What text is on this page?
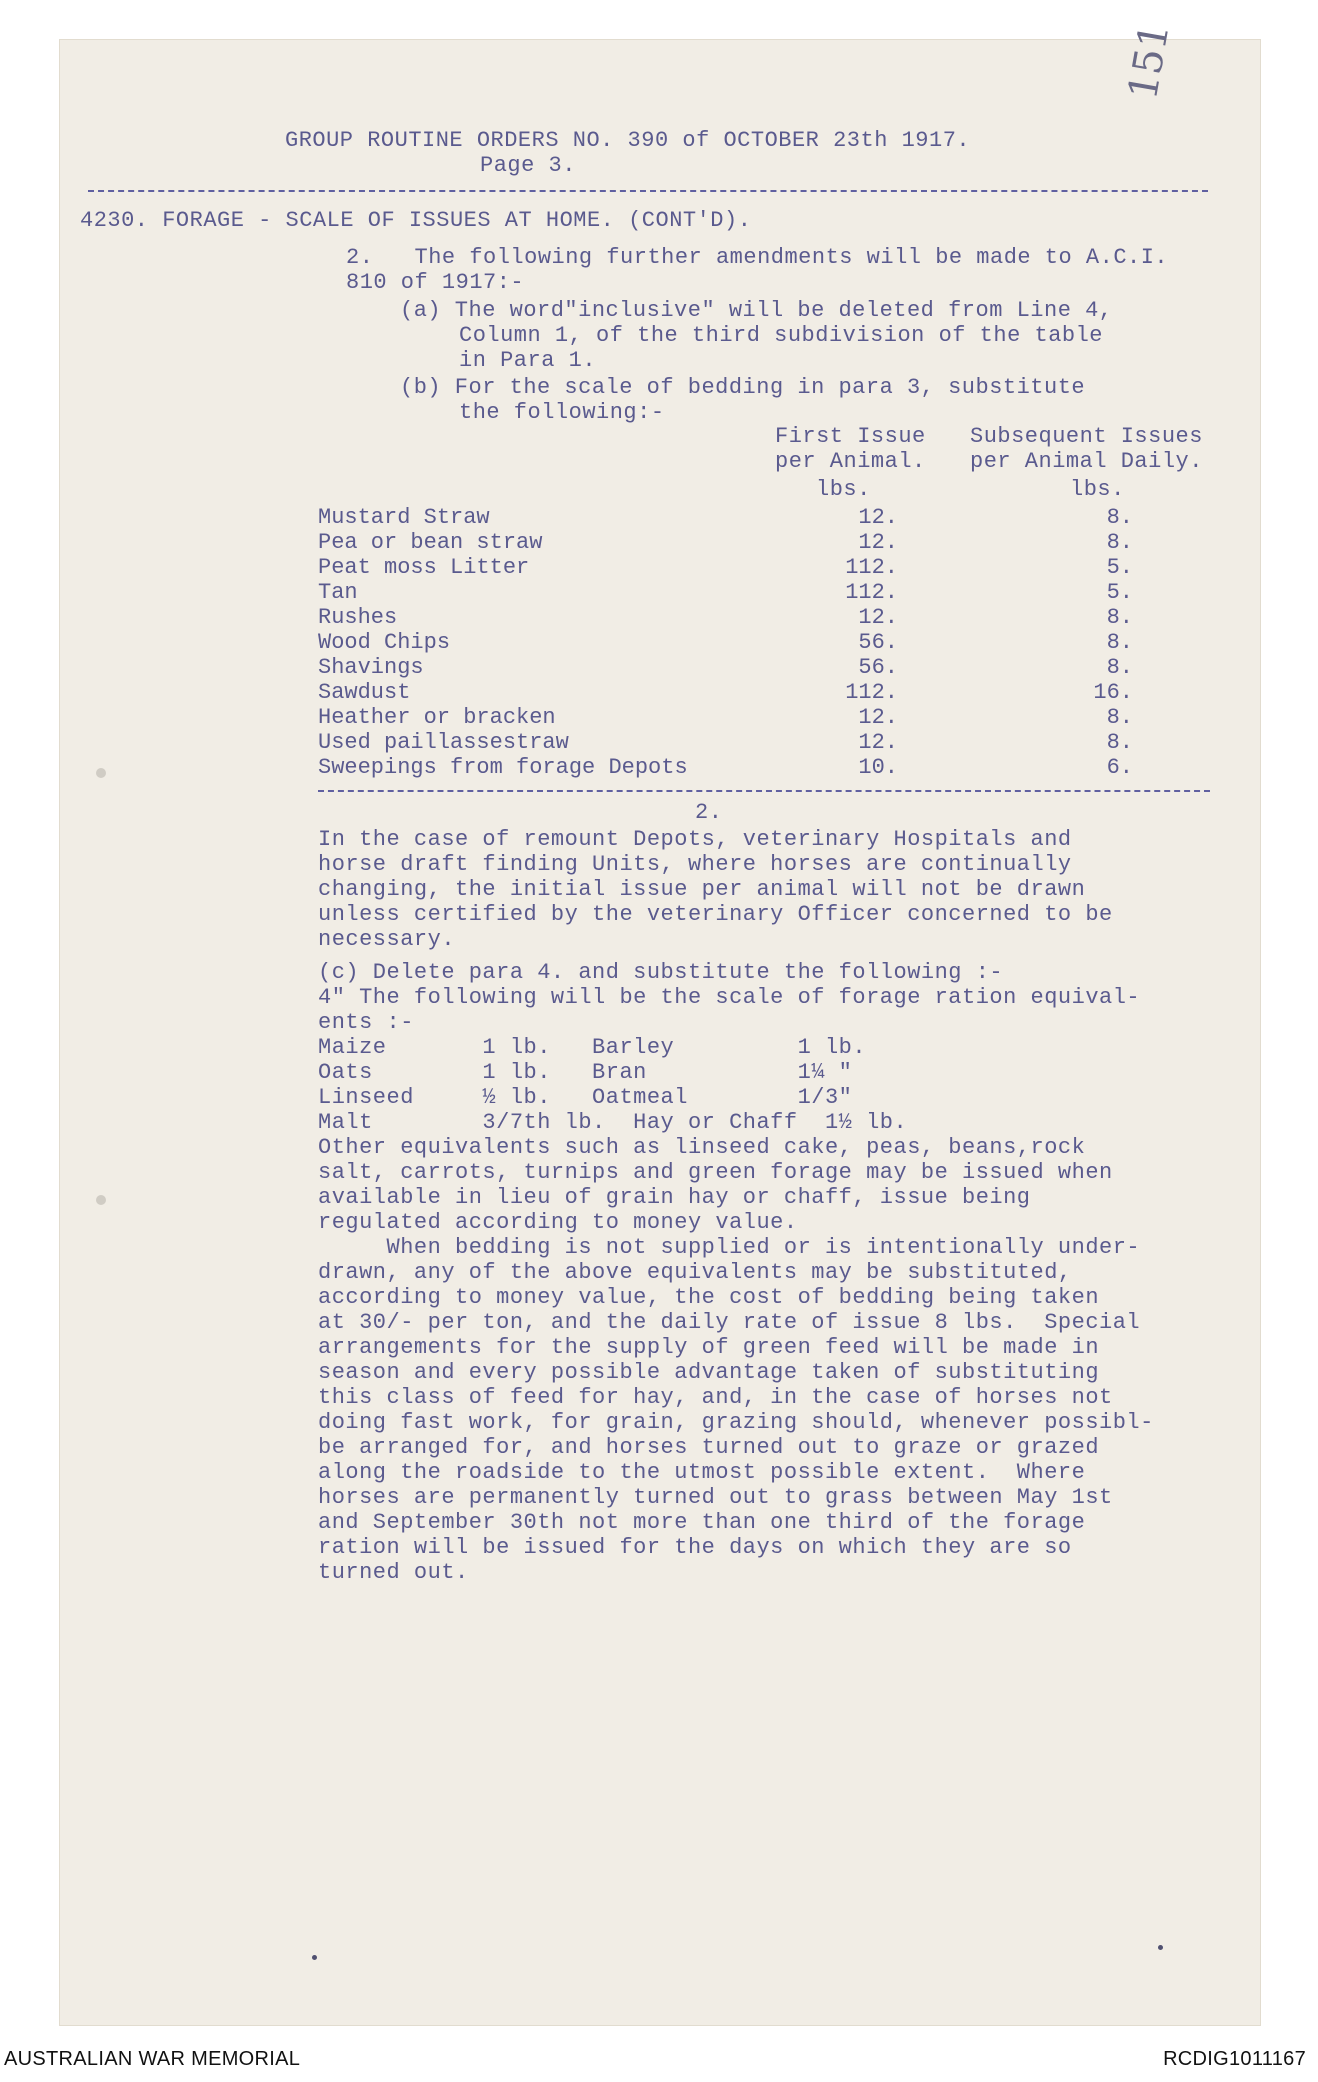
GROUP ROUTINE ORDERS NO. 390 of OCTOBER 23th 1917.
Page 3.
151
4230. FORAGE - SCALE OF ISSUES AT HOME. (CONT'D).
2.   The following further amendments will be made to A.C.I.
810 of 1917:-
(a) The word"inclusive" will be deleted from Line 4,
Column 1, of the third subdivision of the table
in Para 1.
(b) For the scale of bedding in para 3, substitute
the following:-
First Issue
per Animal.
Subsequent Issues
per Animal Daily.
lbs.	lbs.
Mustard Straw	12.	8.
Pea or bean straw	12.	8.
Peat moss Litter	112.	5.
Tan	112.	5.
Rushes	12.	8.
Wood Chips	56.	8.
Shavings	56.	8.
Sawdust	112.	16.
Heather or bracken	12.	8.
Used paillassestraw	12.	8.
Sweepings from forage Depots	10.	6.
2.
In the case of remount Depots, veterinary Hospitals and
horse draft finding Units, where horses are continually
changing, the initial issue per animal will not be drawn
unless certified by the veterinary Officer concerned to be
necessary.
(c) Delete para 4. and substitute the following :-
4" The following will be the scale of forage ration equival-
ents :-
Maize       1 lb.   Barley         1 lb.
Oats        1 lb.   Bran           1¼ "
Linseed     ½ lb.   Oatmeal        1/3"
Malt        3/7th lb.  Hay or Chaff  1½ lb.
Other equivalents such as linseed cake, peas, beans,rock
salt, carrots, turnips and green forage may be issued when
available in lieu of grain hay or chaff, issue being
regulated according to money value.
When bedding is not supplied or is intentionally under-
drawn, any of the above equivalents may be substituted,
according to money value, the cost of bedding being taken
at 30/- per ton, and the daily rate of issue 8 lbs.  Special
arrangements for the supply of green feed will be made in
season and every possible advantage taken of substituting
this class of feed for hay, and, in the case of horses not
doing fast work, for grain, grazing should, whenever possibl-
be arranged for, and horses turned out to graze or grazed
along the roadside to the utmost possible extent.  Where
horses are permanently turned out to grass between May 1st
and September 30th not more than one third of the forage
ration will be issued for the days on which they are so
turned out.
AUSTRALIAN WAR MEMORIAL	RCDIG1011167
